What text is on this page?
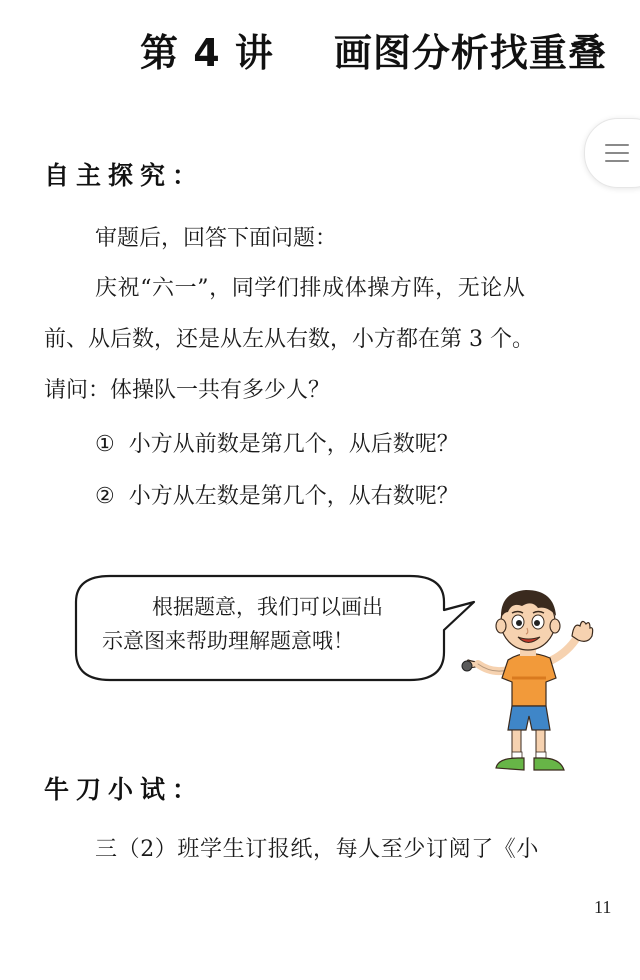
第 4 讲 画图分析找重叠
自主探究：

审题后，回答下面问题：

庆祝“六一”，同学们排成体操方阵，无论从

前、从后数，还是从左从右数，小方都在第 3 个。

请问：体操队一共有多少人？

① 小方从前数是第几个，从后数呢？

② 小方从左数是第几个，从右数呢？

根据题意，我们可以画出

示意图来帮助理解题意哦！

牛刀小试：

三（2）班学生订报纸，每人至少订阅了《小

11
